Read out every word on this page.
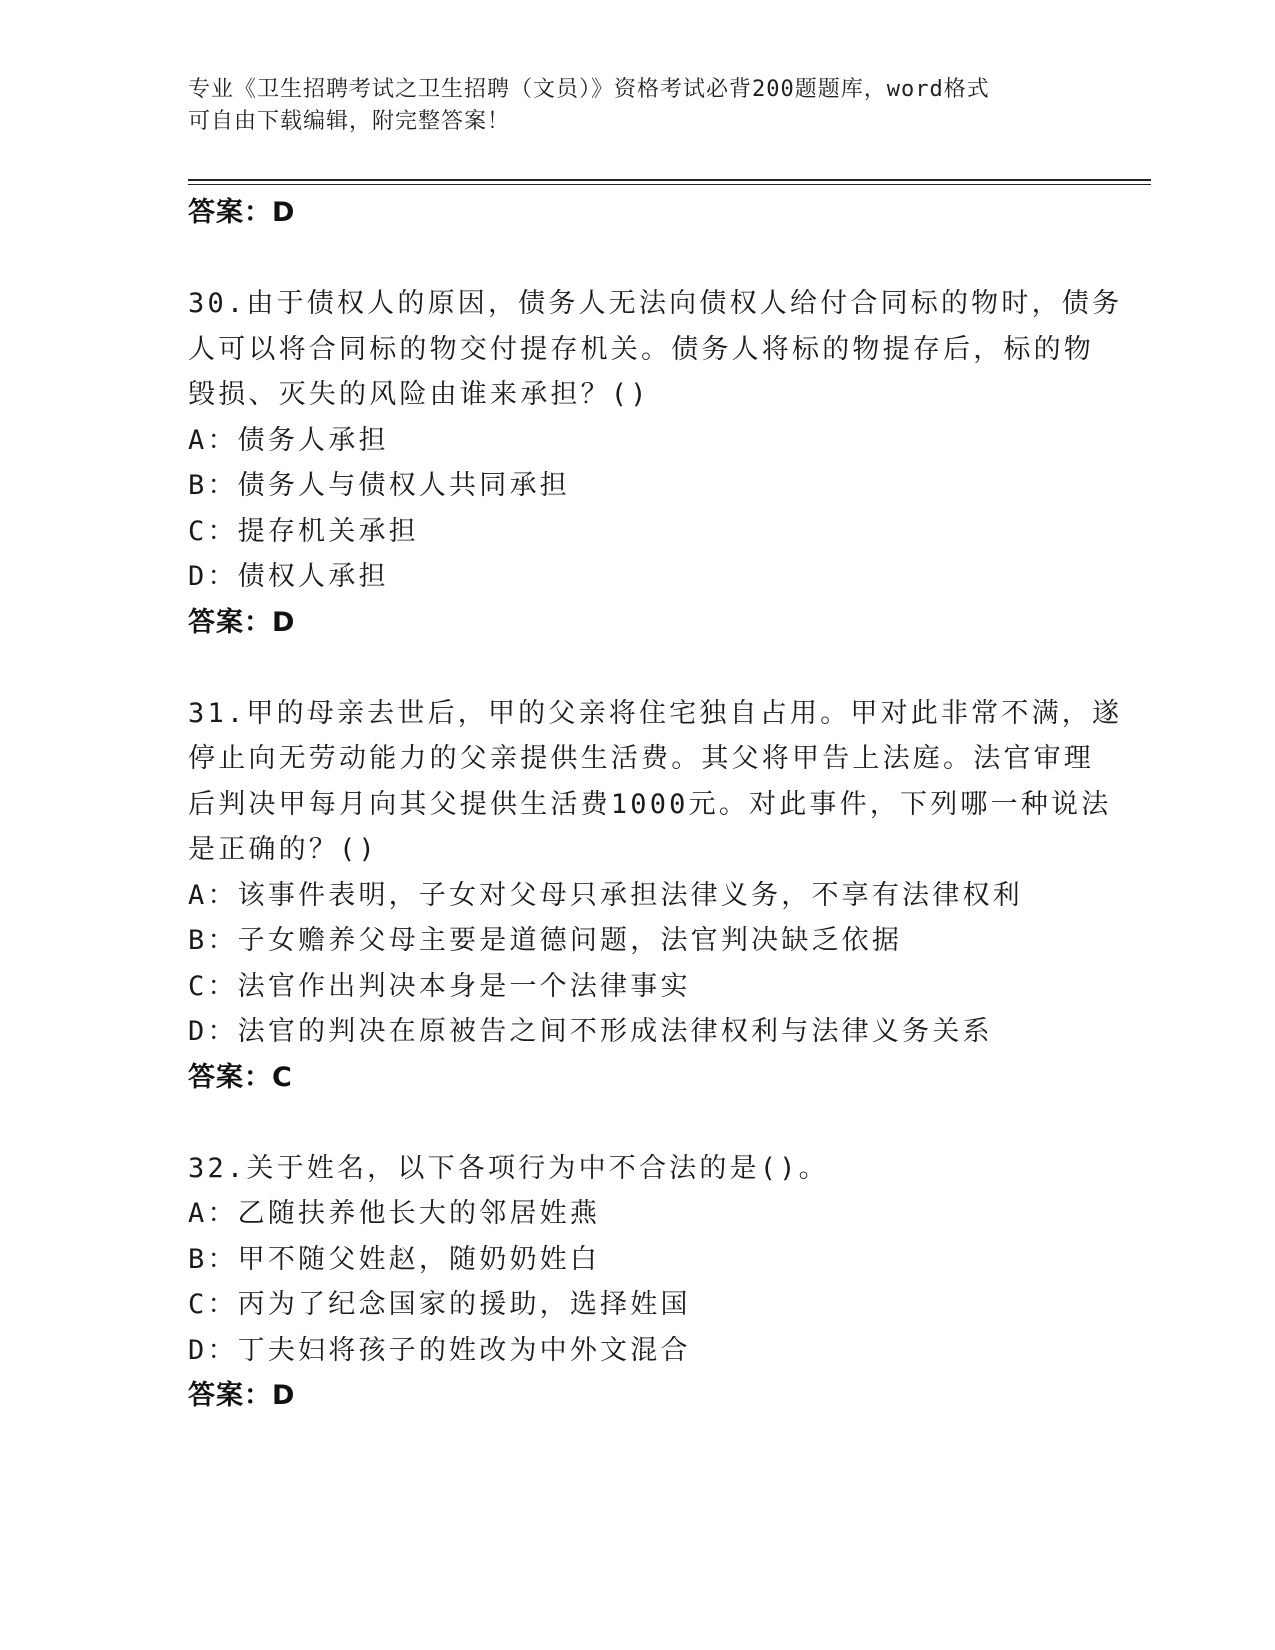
专业《卫生招聘考试之卫生招聘（文员）》资格考试必背200题题库，word格式
可自由下载编辑，附完整答案！
答案：D
30.由于债权人的原因，债务人无法向债权人给付合同标的物时，债务
人可以将合同标的物交付提存机关。债务人将标的物提存后，标的物
毁损、灭失的风险由谁来承担？()
A：债务人承担
B：债务人与债权人共同承担
C：提存机关承担
D：债权人承担
答案：D
31.甲的母亲去世后，甲的父亲将住宅独自占用。甲对此非常不满，遂
停止向无劳动能力的父亲提供生活费。其父将甲告上法庭。法官审理
后判决甲每月向其父提供生活费1000元。对此事件，下列哪一种说法
是正确的？()
A：该事件表明，子女对父母只承担法律义务，不享有法律权利
B：子女赡养父母主要是道德问题，法官判决缺乏依据
C：法官作出判决本身是一个法律事实
D：法官的判决在原被告之间不形成法律权利与法律义务关系
答案：C
32.关于姓名，以下各项行为中不合法的是()。
A：乙随扶养他长大的邻居姓燕
B：甲不随父姓赵，随奶奶姓白
C：丙为了纪念国家的援助，选择姓国
D：丁夫妇将孩子的姓改为中外文混合
答案：D
